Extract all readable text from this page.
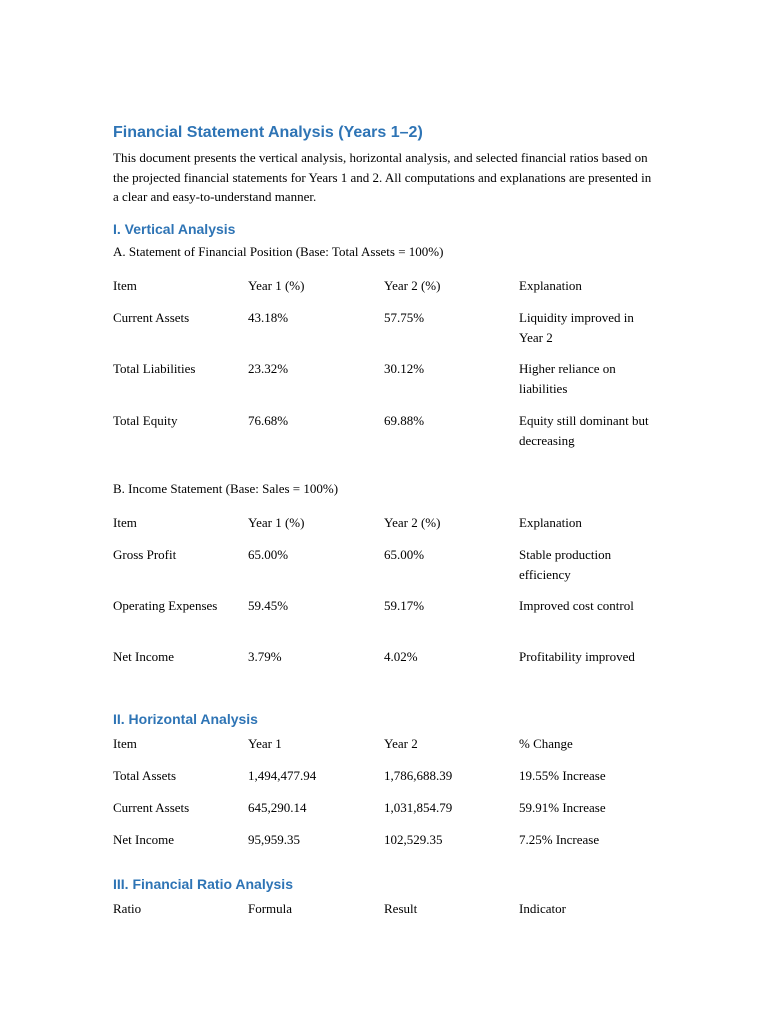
Financial Statement Analysis (Years 1–2)

This document presents the vertical analysis, horizontal analysis, and selected financial ratios based on the projected financial statements for Years 1 and 2. All computations and explanations are presented in a clear and easy-to-understand manner.

I. Vertical Analysis

A. Statement of Financial Position (Base: Total Assets = 100%)

Item	Year 1 (%)	Year 2 (%)	Explanation
Current Assets	43.18%	57.75%	Liquidity improved in Year 2
Total Liabilities	23.32%	30.12%	Higher reliance on liabilities
Total Equity	76.68%	69.88%	Equity still dominant but decreasing

B. Income Statement (Base: Sales = 100%)

Item	Year 1 (%)	Year 2 (%)	Explanation
Gross Profit	65.00%	65.00%	Stable production efficiency
Operating Expenses	59.45%	59.17%	Improved cost control
Net Income	3.79%	4.02%	Profitability improved
II. Horizontal Analysis
Item	Year 1	Year 2	% Change
Total Assets	1,494,477.94	1,786,688.39	19.55% Increase
Current Assets	645,290.14	1,031,854.79	59.91% Increase
Net Income	95,959.35	102,529.35	7.25% Increase
III. Financial Ratio Analysis
Ratio	Formula	Result	Indicator
